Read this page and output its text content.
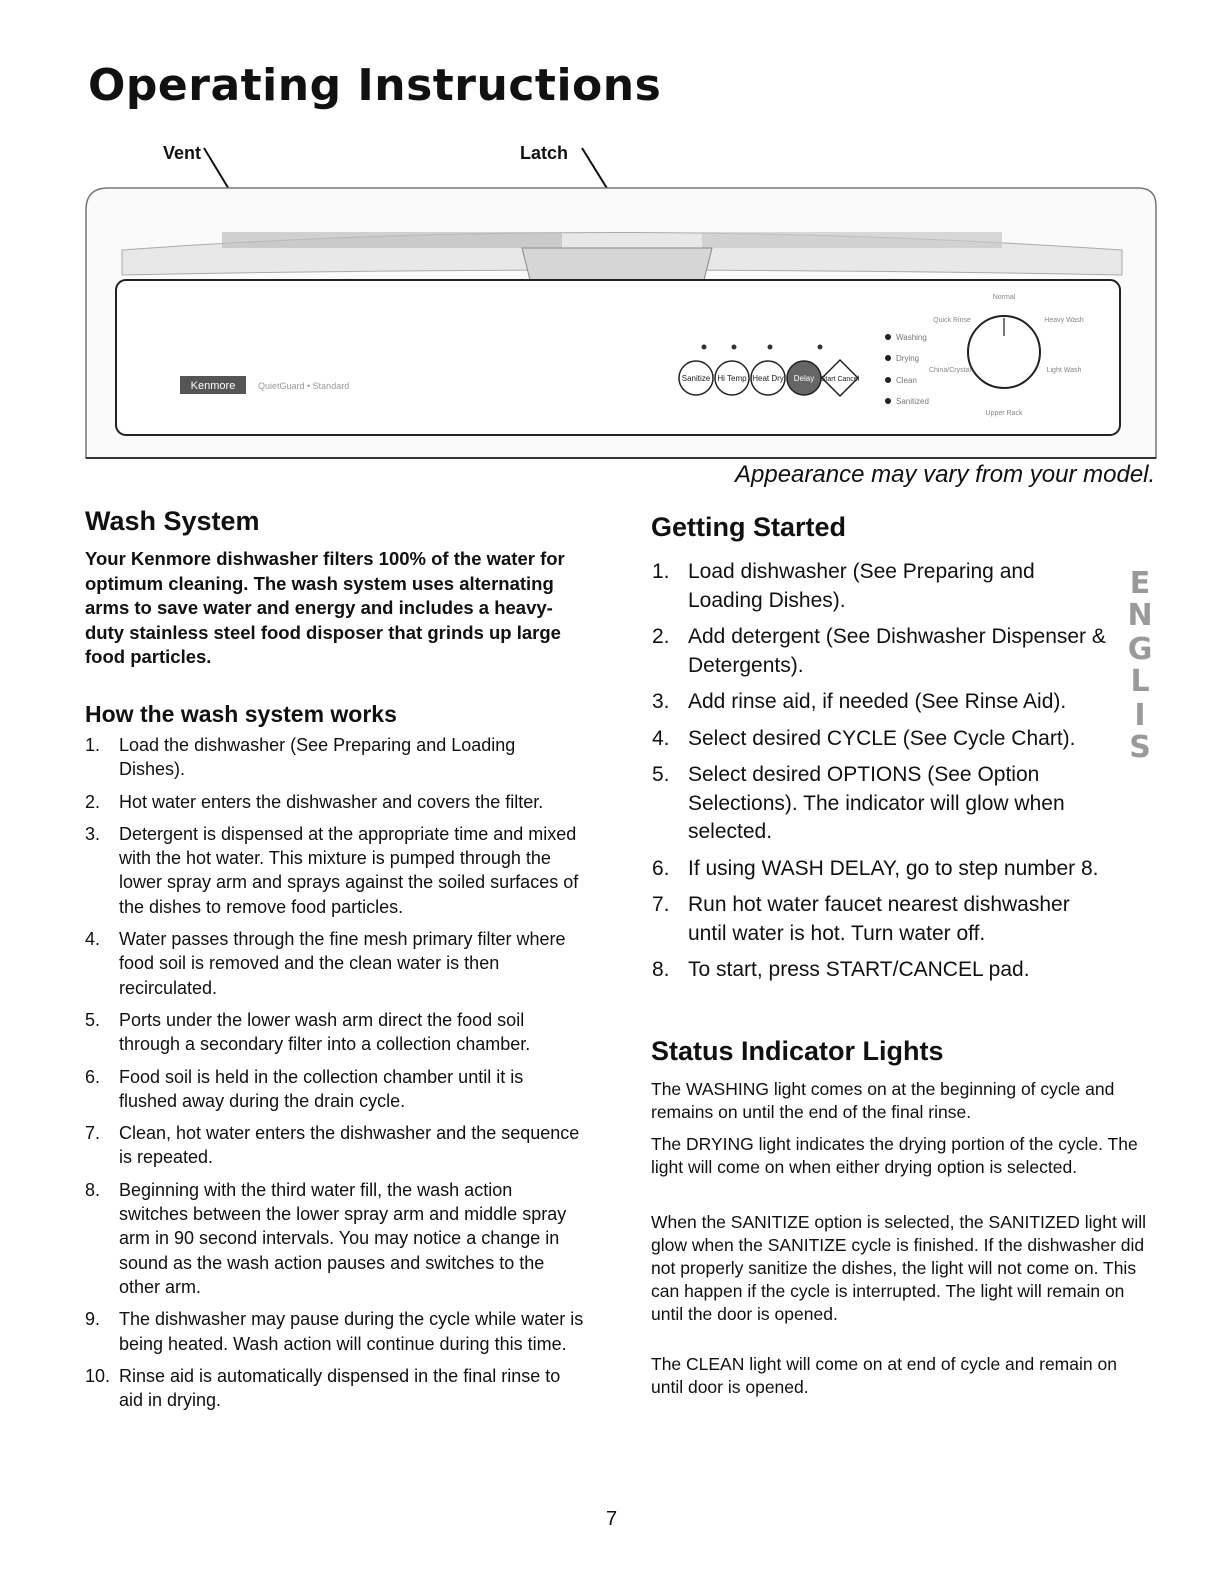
Operating Instructions
Vent	Latch
Kenmore	QuietGuard • Standard
Sanitize Hi Temp Heat Dry Delay Start Cancel
Washing
Drying
Clean
Sanitized
Normal
Quick Rinse	Heavy Wash
China/Crystal	Light Wash
Upper Rack
Appearance may vary from your model.
Wash System

Your Kenmore dishwasher filters 100% of the water for optimum cleaning. The wash system uses alternating arms to save water and energy and includes a heavy-duty stainless steel food disposer that grinds up large food particles.

How the wash system works
1.	Load the dishwasher (See Preparing and Loading Dishes).
2.	Hot water enters the dishwasher and covers the filter.
3.	Detergent is dispensed at the appropriate time and mixed with the hot water. This mixture is pumped through the lower spray arm and sprays against the soiled surfaces of the dishes to remove food particles.
4.	Water passes through the fine mesh primary filter where food soil is removed and the clean water is then recirculated.
5.	Ports under the lower wash arm direct the food soil through a secondary filter into a collection chamber.
6.	Food soil is held in the collection chamber until it is flushed away during the drain cycle.
7.	Clean, hot water enters the dishwasher and the sequence is repeated.
8.	Beginning with the third water fill, the wash action switches between the lower spray arm and middle spray arm in 90 second intervals. You may notice a change in sound as the wash action pauses and switches to the other arm.
9.	The dishwasher may pause during the cycle while water is being heated. Wash action will continue during this time.
10. Rinse aid is automatically dispensed in the final rinse to aid in drying.
Getting Started
1. Load dishwasher (See Preparing and Loading Dishes).
2. Add detergent (See Dishwasher Dispenser & Detergents).
3. Add rinse aid, if needed (See Rinse Aid).
4. Select desired CYCLE (See Cycle Chart).
5. Select desired OPTIONS (See Option Selections). The indicator will glow when selected.
6. If using WASH DELAY, go to step number 8.
7. Run hot water faucet nearest dishwasher until water is hot. Turn water off.
8. To start, press START/CANCEL pad.
Status Indicator Lights

The WASHING light comes on at the beginning of cycle and remains on until the end of the final rinse.

The DRYING light indicates the drying portion of the cycle. The light will come on when either drying option is selected.

When the SANITIZE option is selected, the SANITIZED light will glow when the SANITIZE cycle is finished. If the dishwasher did not properly sanitize the dishes, the light will not come on. This can happen if the cycle is interrupted. The light will remain on until the door is opened.

The CLEAN light will come on at end of cycle and remain on until door is opened.

E
N
G
L
I
S
7
